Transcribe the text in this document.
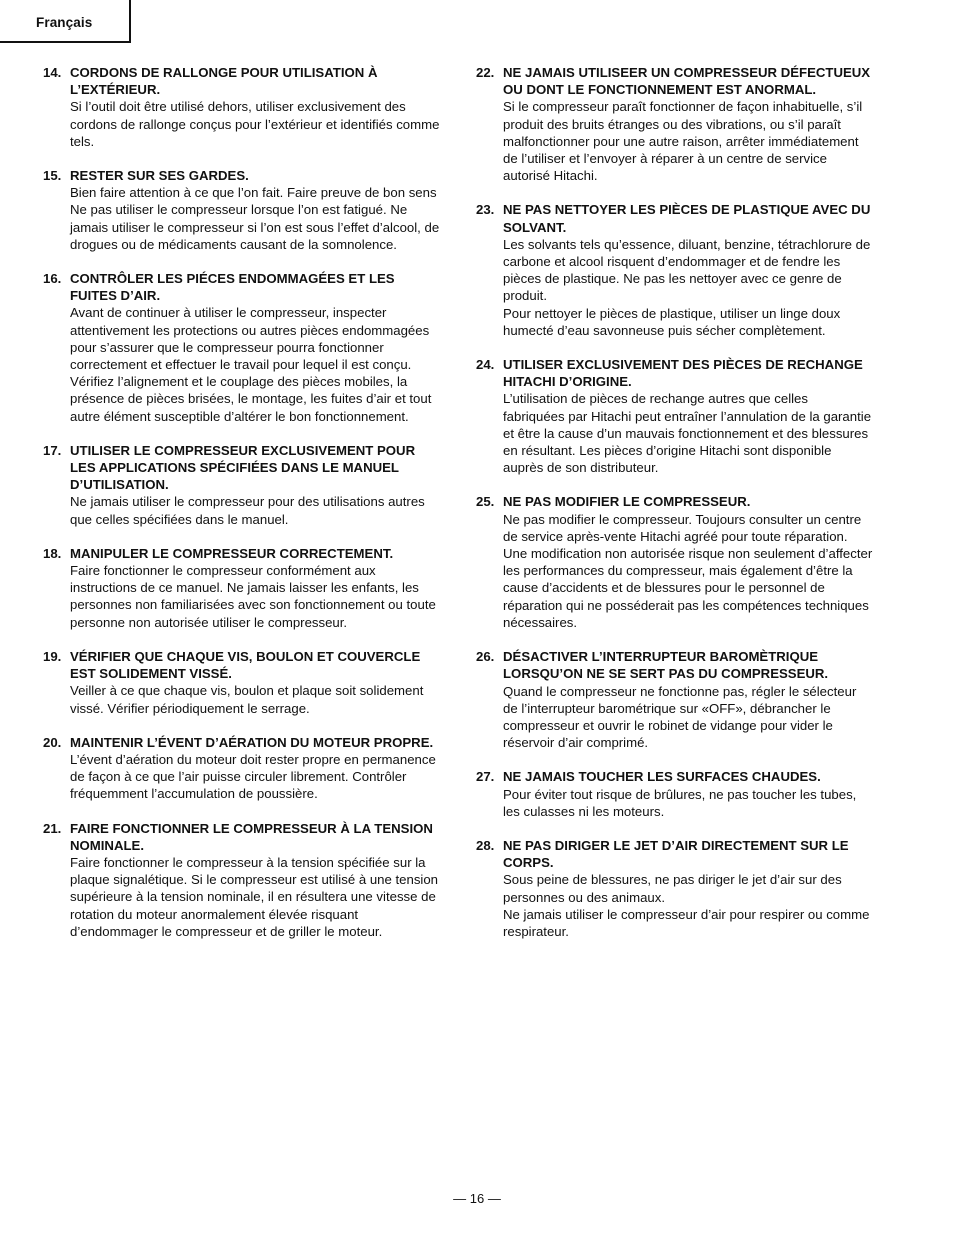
Français
14. CORDONS DE RALLONGE POUR UTILISATION À L’EXTÉRIEUR.

Si l’outil doit être utilisé dehors, utiliser exclusivement des cordons de rallonge conçus pour l’extérieur et identifiés comme tels.

15. RESTER SUR SES GARDES.

Bien faire attention à ce que l’on fait. Faire preuve de bon sens Ne pas utiliser le compresseur lorsque l’on est fatigué. Ne jamais utiliser le compresseur si l’on est sous l’effet d’alcool, de drogues ou de médicaments causant de la somnolence.

16. CONTRÔLER LES PIÉCES ENDOMMAGÉES ET LES FUITES D’AIR.

Avant de continuer à utiliser le compresseur, inspecter attentivement les protections ou autres pièces endommagées pour s’assurer que le compresseur pourra fonctionner correctement et effectuer le travail pour lequel il est conçu. Vérifiez l’alignement et le couplage des pièces mobiles, la présence de pièces brisées, le montage, les fuites d’air et tout autre élément susceptible d’altérer le bon fonctionnement.

17. UTILISER LE COMPRESSEUR EXCLUSIVEMENT POUR LES APPLICATIONS SPÉCIFIÉES DANS LE MANUEL D’UTILISATION.

Ne jamais utiliser le compresseur pour des utilisations autres que celles spécifiées dans le manuel.

18. MANIPULER LE COMPRESSEUR CORRECTEMENT.

Faire fonctionner le compresseur conformément aux instructions de ce manuel. Ne jamais laisser les enfants, les personnes non familiarisées avec son fonctionnement ou toute personne non autorisée utiliser le compresseur.

19. VÉRIFIER QUE CHAQUE VIS, BOULON ET COUVERCLE EST SOLIDEMENT VISSÉ.

Veiller à ce que chaque vis, boulon et plaque soit solidement vissé. Vérifier périodiquement le serrage.

20. MAINTENIR L’ÉVENT D’AÉRATION DU MOTEUR PROPRE.

L’évent d’aération du moteur doit rester propre en permanence de façon à ce que l’air puisse circuler librement. Contrôler fréquemment l’accumulation de poussière.

21. FAIRE FONCTIONNER LE COMPRESSEUR À LA TENSION NOMINALE.

Faire fonctionner le compresseur à la tension spécifiée sur la plaque signalétique. Si le compresseur est utilisé à une tension supérieure à la tension nominale, il en résultera une vitesse de rotation du moteur anormalement élevée risquant d’endommager le compresseur et de griller le moteur.

22. NE JAMAIS UTILISEER UN COMPRESSEUR DÉFECTUEUX OU DONT LE FONCTIONNEMENT EST ANORMAL.

Si le compresseur paraît fonctionner de façon inhabituelle, s’il produit des bruits étranges ou des vibrations, ou s’il paraît malfonctionner pour une autre raison, arrêter immédiatement de l’utiliser et l’envoyer à réparer à un centre de service autorisé Hitachi.

23. NE PAS NETTOYER LES PIÈCES DE PLASTIQUE AVEC DU SOLVANT.

Les solvants tels qu’essence, diluant, benzine, tétrachlorure de carbone et alcool risquent d’endommager et de fendre les pièces de plastique. Ne pas les nettoyer avec ce genre de produit.

Pour nettoyer le pièces de plastique, utiliser un linge doux humecté d’eau savonneuse puis sécher complètement.

24. UTILISER EXCLUSIVEMENT DES PIÈCES DE RECHANGE HITACHI D’ORIGINE.

L’utilisation de pièces de rechange autres que celles fabriquées par Hitachi peut entraîner l’annulation de la garantie et être la cause d’un mauvais fonctionnement et des blessures en résultant. Les pièces d’origine Hitachi sont disponible auprès de son distributeur.

25. NE PAS MODIFIER LE COMPRESSEUR.

Ne pas modifier le compresseur. Toujours consulter un centre de service après-vente Hitachi agréé pour toute réparation. Une modification non autorisée risque non seulement d’affecter les performances du compresseur, mais également d’être la cause d’accidents et de blessures pour le personnel de réparation qui ne posséderait pas les compétences techniques nécessaires.

26. DÉSACTIVER L’INTERRUPTEUR BAROMÈTRIQUE LORSQU’ON NE SE SERT PAS DU COMPRESSEUR.

Quand le compresseur ne fonctionne pas, régler le sélecteur de l’interrupteur barométrique sur «OFF», débrancher le compresseur et ouvrir le robinet de vidange pour vider le réservoir d’air comprimé.

27. NE JAMAIS TOUCHER LES SURFACES CHAUDES.

Pour éviter tout risque de brûlures, ne pas toucher les tubes, les culasses ni les moteurs.

28. NE PAS DIRIGER LE JET D’AIR DIRECTEMENT SUR LE CORPS.

Sous peine de blessures, ne pas diriger le jet d’air sur des personnes ou des animaux.

Ne jamais utiliser le compresseur d’air pour respirer ou comme respirateur.

— 16 —
